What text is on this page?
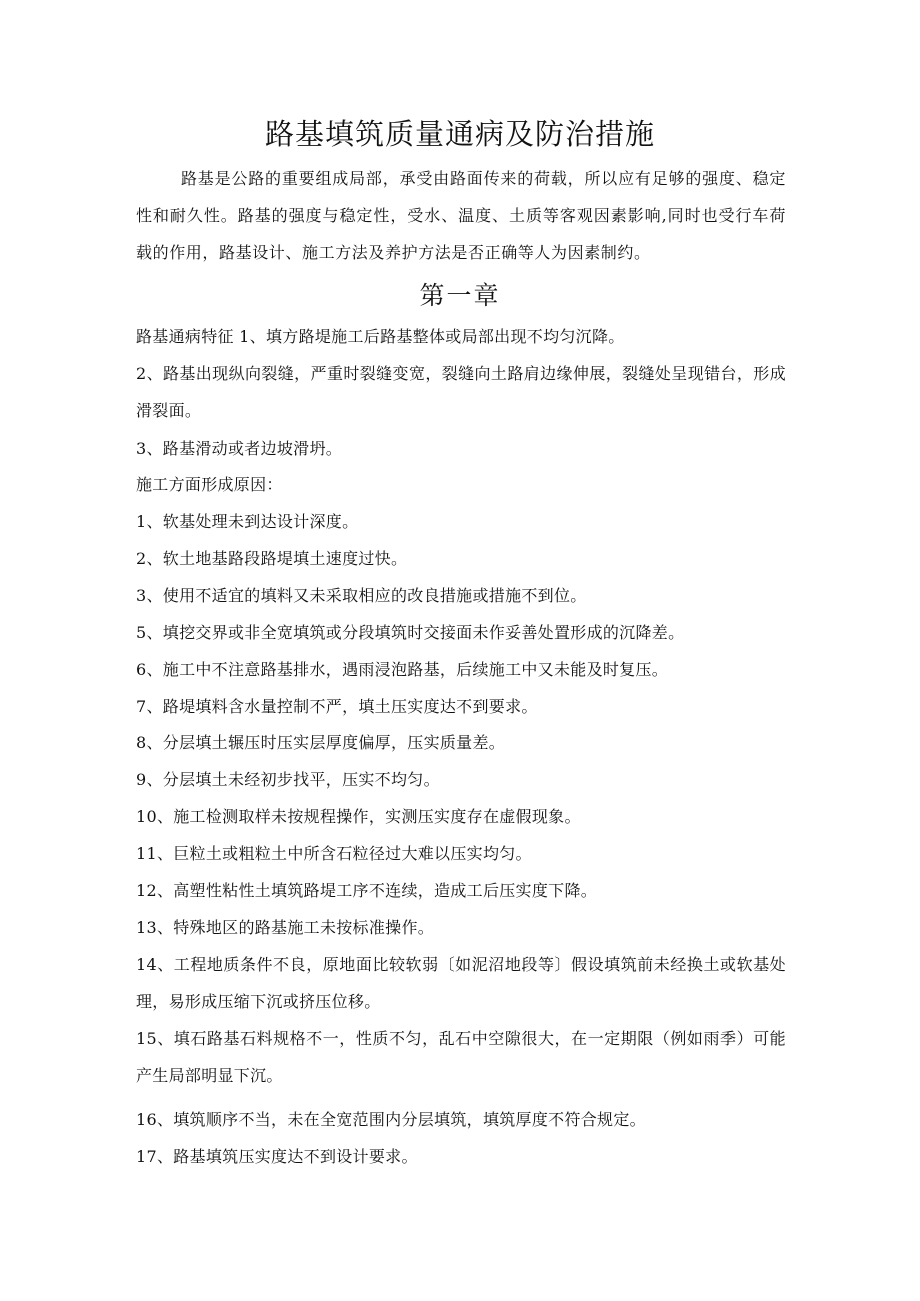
路基填筑质量通病及防治措施
路基是公路的重要组成局部，承受由路面传来的荷载，所以应有足够的强度、稳定性和耐久性。路基的强度与稳定性，受水、温度、土质等客观因素影响,同时也受行车荷载的作用，路基设计、施工方法及养护方法是否正确等人为因素制约。
第一章

路基通病特征 1、填方路堤施工后路基整体或局部出现不均匀沉降。

2、路基出现纵向裂缝，严重时裂缝变宽，裂缝向土路肩边缘伸展，裂缝处呈现错台，形成滑裂面。

3、路基滑动或者边坡滑坍。

施工方面形成原因：

1、软基处理未到达设计深度。

2、软土地基路段路堤填土速度过快。

3、使用不适宜的填料又未采取相应的改良措施或措施不到位。

5、填挖交界或非全宽填筑或分段填筑时交接面未作妥善处置形成的沉降差。

6、施工中不注意路基排水，遇雨浸泡路基，后续施工中又未能及时复压。

7、路堤填料含水量控制不严，填土压实度达不到要求。

8、分层填土辗压时压实层厚度偏厚，压实质量差。

9、分层填土未经初步找平，压实不均匀。

10、施工检测取样未按规程操作，实测压实度存在虚假现象。

11、巨粒土或粗粒土中所含石粒径过大难以压实均匀。

12、高塑性粘性土填筑路堤工序不连续，造成工后压实度下降。

13、特殊地区的路基施工未按标准操作。

14、工程地质条件不良，原地面比较软弱〔如泥沼地段等〕假设填筑前未经换土或软基处理，易形成压缩下沉或挤压位移。

15、填石路基石料规格不一，性质不匀，乱石中空隙很大，在一定期限（例如雨季）可能产生局部明显下沉。

16、填筑顺序不当，未在全宽范围内分层填筑，填筑厚度不符合规定。

17、路基填筑压实度达不到设计要求。
